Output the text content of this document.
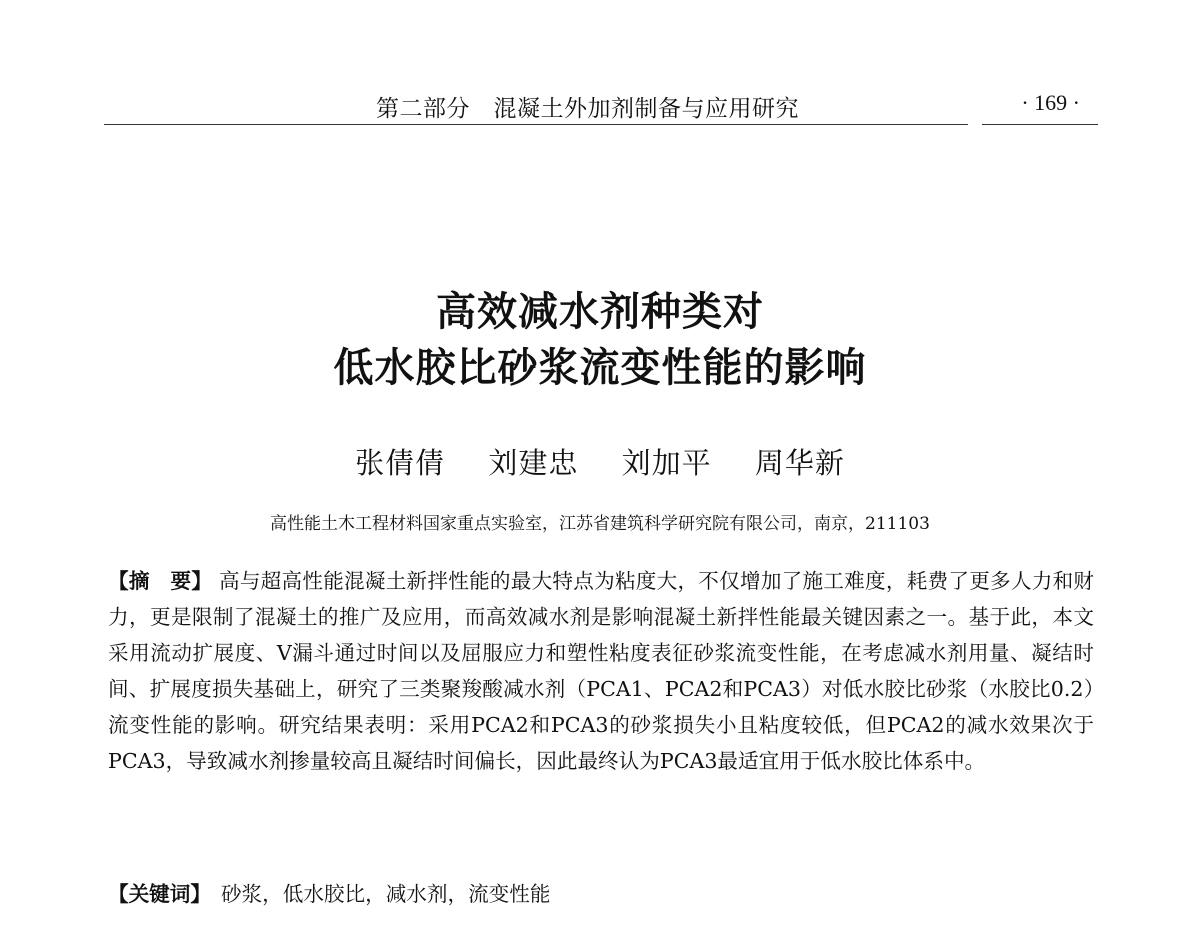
第二部分　混凝土外加剂制备与应用研究	· 169 ·
高效减水剂种类对
低水胶比砂浆流变性能的影响
张倩倩 刘建忠 刘加平 周华新
高性能土木工程材料国家重点实验室，江苏省建筑科学研究院有限公司，南京，211103
【摘　要】 高与超高性能混凝土新拌性能的最大特点为粘度大，不仅增加了施工难度，耗费了更多人力和财力，更是限制了混凝土的推广及应用，而高效减水剂是影响混凝土新拌性能最关键因素之一。基于此，本文采用流动扩展度、V漏斗通过时间以及屈服应力和塑性粘度表征砂浆流变性能，在考虑减水剂用量、凝结时间、扩展度损失基础上，研究了三类聚羧酸减水剂（PCA1、PCA2和PCA3）对低水胶比砂浆（水胶比0.2）流变性能的影响。研究结果表明：采用PCA2和PCA3的砂浆损失小且粘度较低，但PCA2的减水效果次于PCA3，导致减水剂掺量较高且凝结时间偏长，因此最终认为PCA3最适宜用于低水胶比体系中。
【关键词】 砂浆，低水胶比，减水剂，流变性能
